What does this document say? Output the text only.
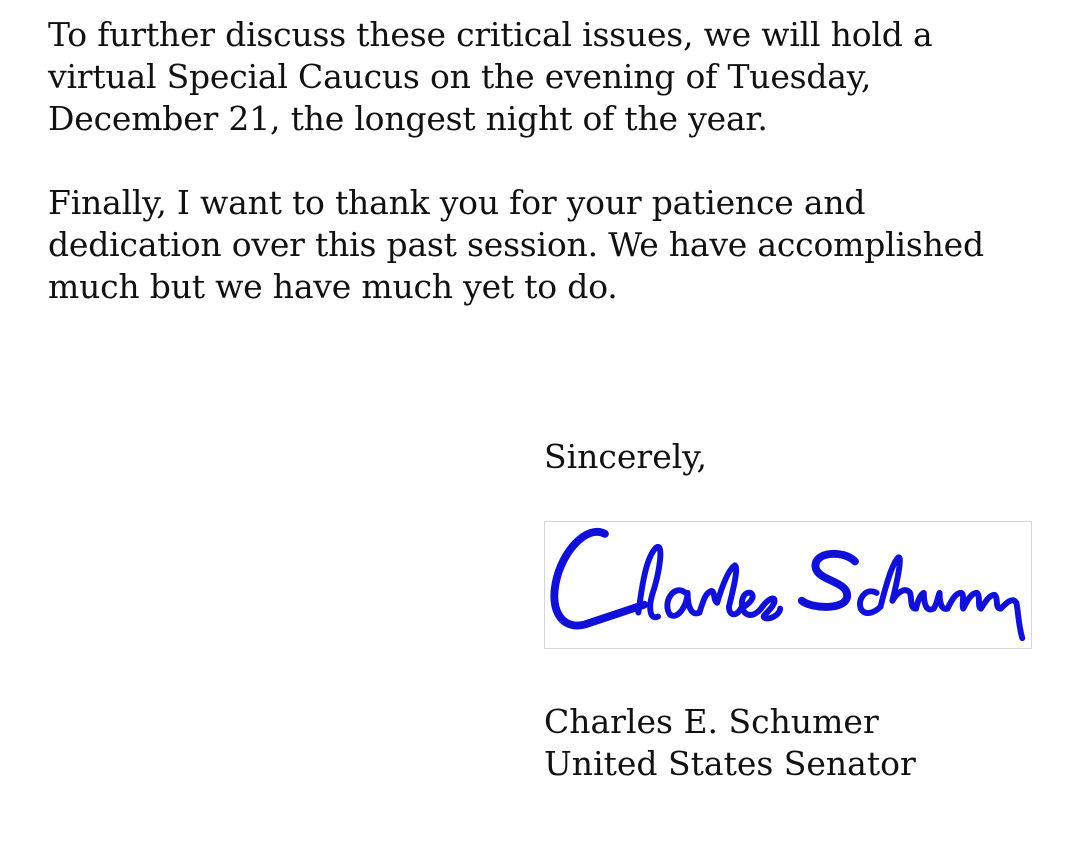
To further discuss these critical issues, we will hold a
virtual Special Caucus on the evening of Tuesday,
December 21, the longest night of the year.

Finally, I want to thank you for your patience and
dedication over this past session. We have accomplished
much but we have much yet to do.

Sincerely,

Charles E. Schumer
United States Senator
